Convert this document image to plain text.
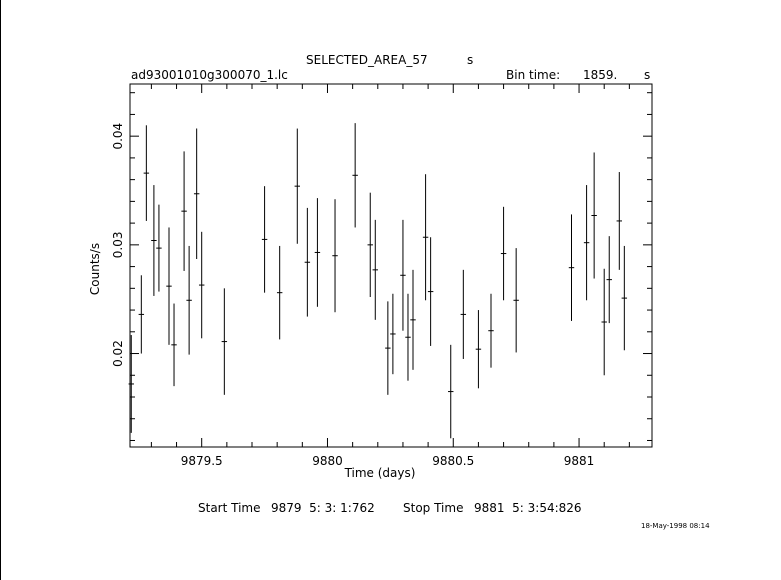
9879.5	9880	9880.5	9881
0.02
0.03
0.04
Time (days)
Counts/s
SELECTED_AREA_57	s
ad93001010g300070_1.lc	Bin time: 1859. s
Start Time 9879  5: 3: 1:762 Stop Time 9881  5: 3:54:826
18-May-1998 08:14
